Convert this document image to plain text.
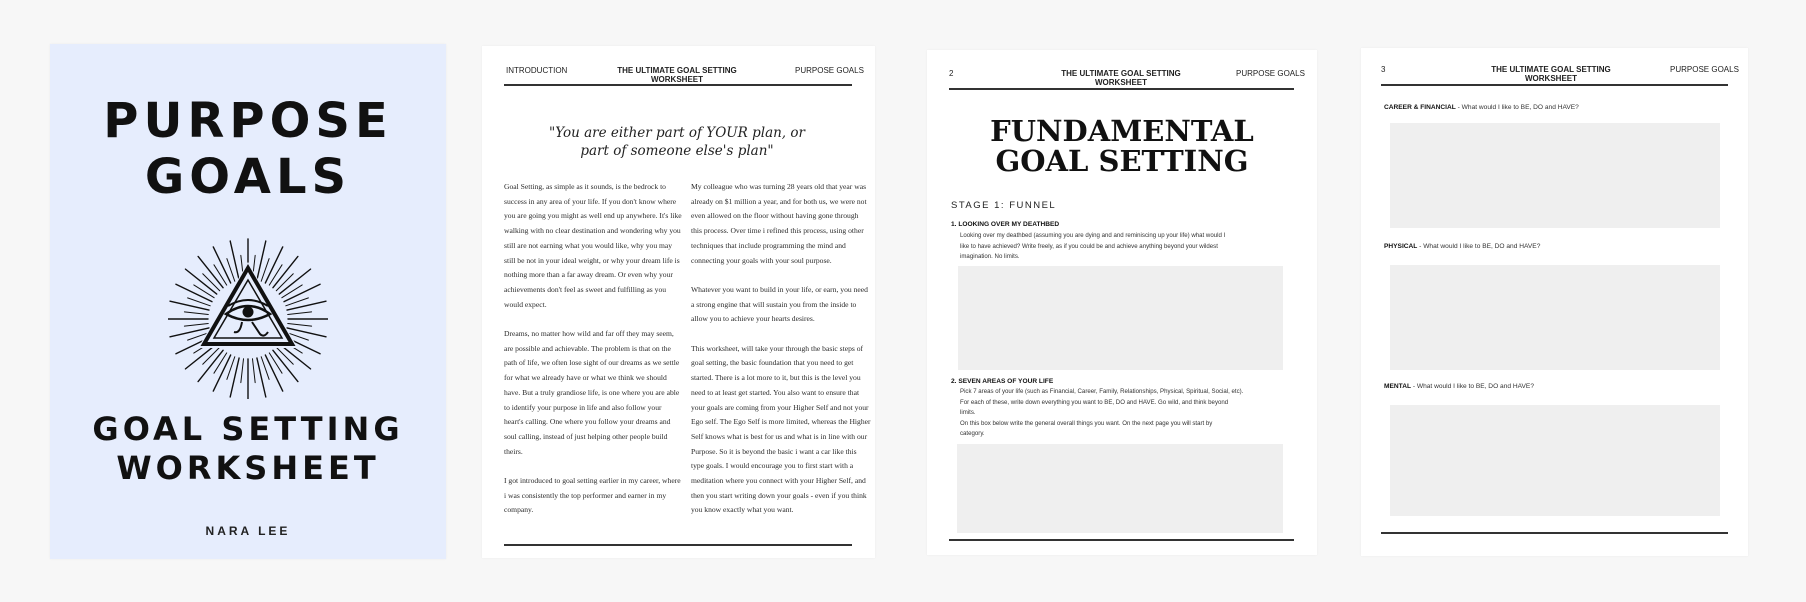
PURPOSE
GOALS
GOAL SETTING
WORKSHEET
NARA LEE
INTRODUCTION	THE ULTIMATE GOAL SETTING WORKSHEET
PURPOSE GOALS
"You are either part of YOUR plan, or
part of someone else's plan"

Goal Setting, as simple as it sounds, is the bedrock to success in any area of your life. If you don't know where you are going you might as well end up anywhere. It's like walking with no clear destination and wondering why you still are not earning what you would like, why you may still be not in your ideal weight, or why your dream life is nothing more than a far away dream. Or even why your achievements don't feel as sweet and fulfilling as you would expect.

Dreams, no matter how wild and far off they may seem, are possible and achievable. The problem is that on the path of life, we often lose sight of our dreams as we settle for what we already have or what we think we should have. But a truly grandiose life, is one where you are able to identify your purpose in life and also follow your heart's calling. One where you follow your dreams and soul calling, instead of just helping other people build theirs.

I got introduced to goal setting earlier in my career, where i was consistently the top performer and earner in my company.

My colleague who was turning 28 years old that year was already on $1 million a year, and for both us, we were not even allowed on the floor without having gone through this process. Over time i refined this process, using other techniques that include programming the mind and connecting your goals with your soul purpose.

Whatever you want to build in your life, or earn, you need a strong engine that will sustain you from the inside to allow you to achieve your hearts desires.

This worksheet, will take your through the basic steps of goal setting, the basic foundation that you need to get started. There is a lot more to it, but this is the level you need to at least get started. You also want to ensure that your goals are coming from your Higher Self and not your Ego self. The Ego Self is more limited, whereas the Higher Self knows what is best for us and what is in line with our Purpose. So it is beyond the basic i want a car like this type goals. I would encourage you to first start with a meditation where you connect with your Higher Self, and then you start writing down your goals - even if you think you know exactly what you want.

2	THE ULTIMATE GOAL SETTING WORKSHEET
PURPOSE GOALS
FUNDAMENTAL
GOAL SETTING
STAGE 1: FUNNEL
1. LOOKING OVER MY DEATHBED
Looking over my deathbed (assuming you are dying and and reminiscing up your life) what would I
like to have achieved? Write freely, as if you could be and achieve anything beyond your wildest
imagination. No limits.
2. SEVEN AREAS OF YOUR LIFE
Pick 7 areas of your life (such as Financial, Career, Family, Relationships, Physical, Spiritual, Social, etc).
For each of these, write down everything you want to BE, DO and HAVE. Go wild, and think beyond
limits.
On this box below write the general overall things you want. On the next page you will start by
category.
3	THE ULTIMATE GOAL SETTING WORKSHEET
PURPOSE GOALS
CAREER & FINANCIAL - What would I like to BE, DO and HAVE?
PHYSICAL - What would I like to BE, DO and HAVE?
MENTAL - What would I like to BE, DO and HAVE?
